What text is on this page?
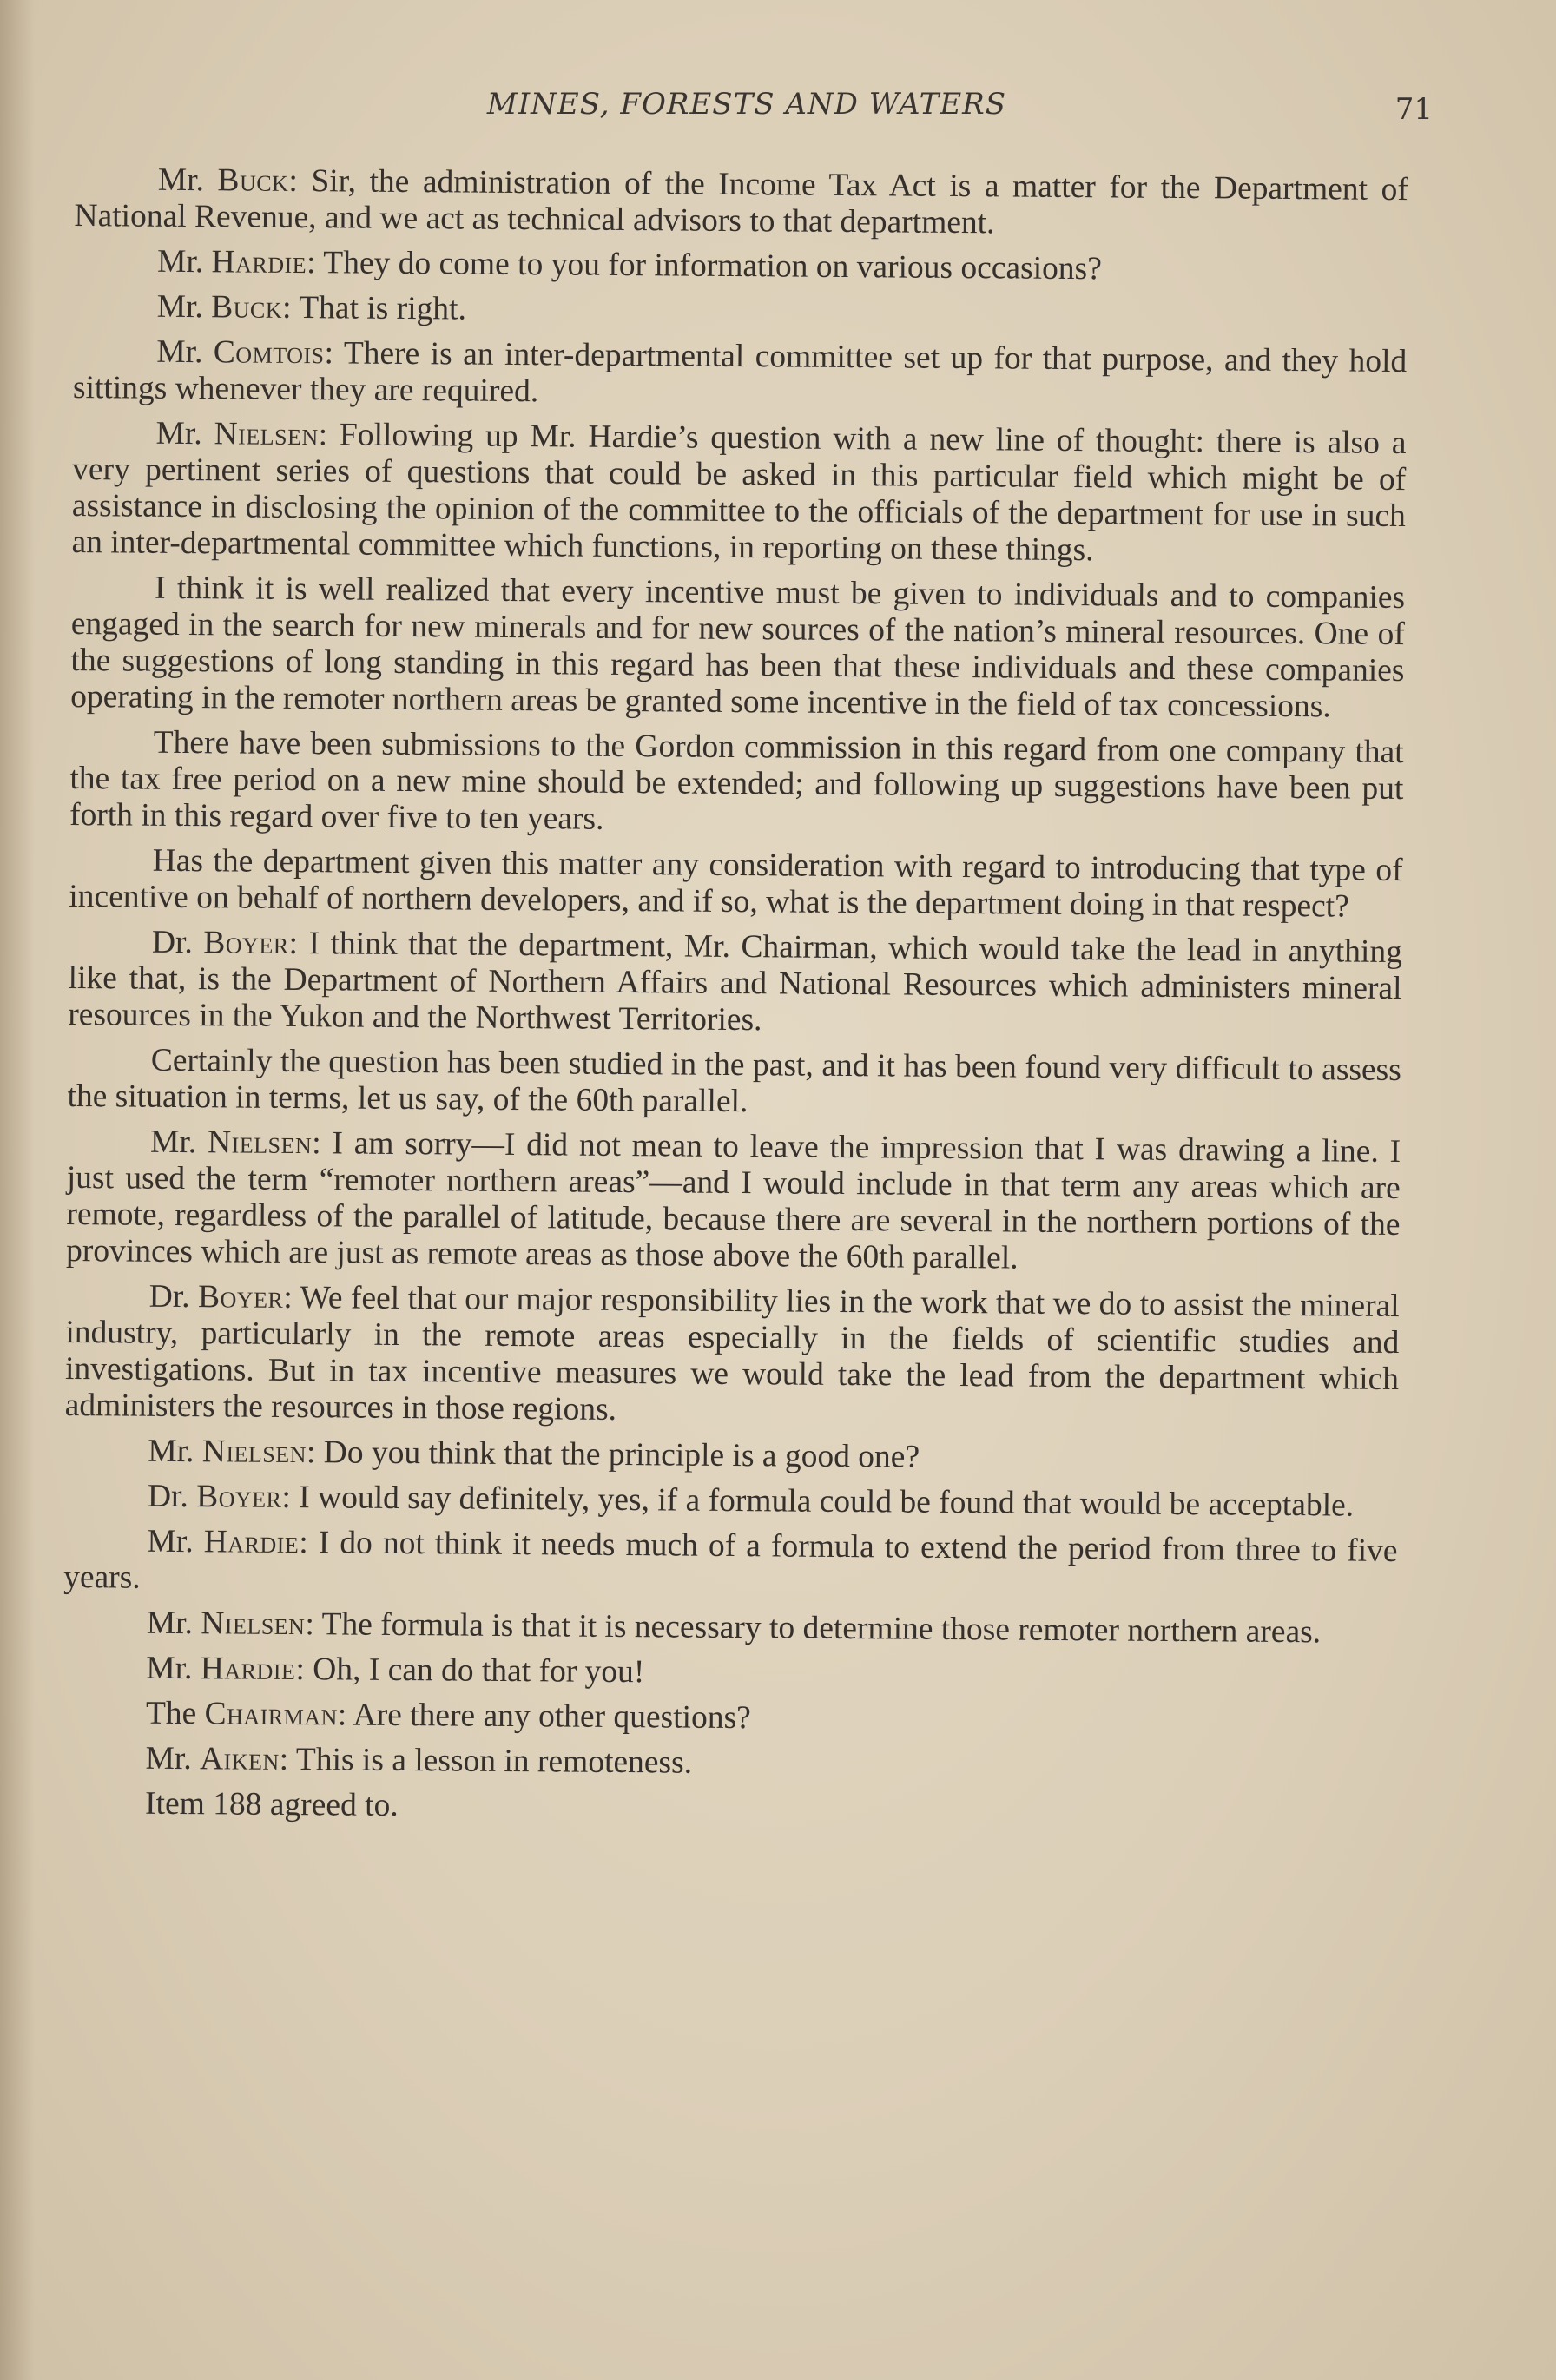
MINES, FORESTS AND WATERS	71

Mr. Buck: Sir, the administration of the Income Tax Act is a matter for the Department of National Revenue, and we act as technical advisors to that department.

Mr. Hardie: They do come to you for information on various occasions?

Mr. Buck: That is right.

Mr. Comtois: There is an inter-departmental committee set up for that purpose, and they hold sittings whenever they are required.

Mr. Nielsen: Following up Mr. Hardie’s question with a new line of thought: there is also a very pertinent series of questions that could be asked in this particular field which might be of assistance in disclosing the opinion of the committee to the officials of the department for use in such an inter-departmental committee which functions, in reporting on these things.

I think it is well realized that every incentive must be given to individuals and to companies engaged in the search for new minerals and for new sources of the nation’s mineral resources. One of the suggestions of long standing in this regard has been that these individuals and these companies operating in the remoter northern areas be granted some incentive in the field of tax concessions.

There have been submissions to the Gordon commission in this regard from one company that the tax free period on a new mine should be extended; and following up suggestions have been put forth in this regard over five to ten years.

Has the department given this matter any consideration with regard to introducing that type of incentive on behalf of northern developers, and if so, what is the department doing in that respect?

Dr. Boyer: I think that the department, Mr. Chairman, which would take the lead in anything like that, is the Department of Northern Affairs and National Resources which administers mineral resources in the Yukon and the Northwest Territories.

Certainly the question has been studied in the past, and it has been found very difficult to assess the situation in terms, let us say, of the 60th parallel.

Mr. Nielsen: I am sorry—I did not mean to leave the impression that I was drawing a line. I just used the term “remoter northern areas”—and I would include in that term any areas which are remote, regardless of the parallel of latitude, because there are several in the northern portions of the provinces which are just as remote areas as those above the 60th parallel.

Dr. Boyer: We feel that our major responsibility lies in the work that we do to assist the mineral industry, particularly in the remote areas especially in the fields of scientific studies and investigations. But in tax incentive measures we would take the lead from the department which administers the resources in those regions.

Mr. Nielsen: Do you think that the principle is a good one?

Dr. Boyer: I would say definitely, yes, if a formula could be found that would be acceptable.

Mr. Hardie: I do not think it needs much of a formula to extend the period from three to five years.

Mr. Nielsen: The formula is that it is necessary to determine those remoter northern areas.

Mr. Hardie: Oh, I can do that for you!

The Chairman: Are there any other questions?

Mr. Aiken: This is a lesson in remoteness.

Item 188 agreed to.
